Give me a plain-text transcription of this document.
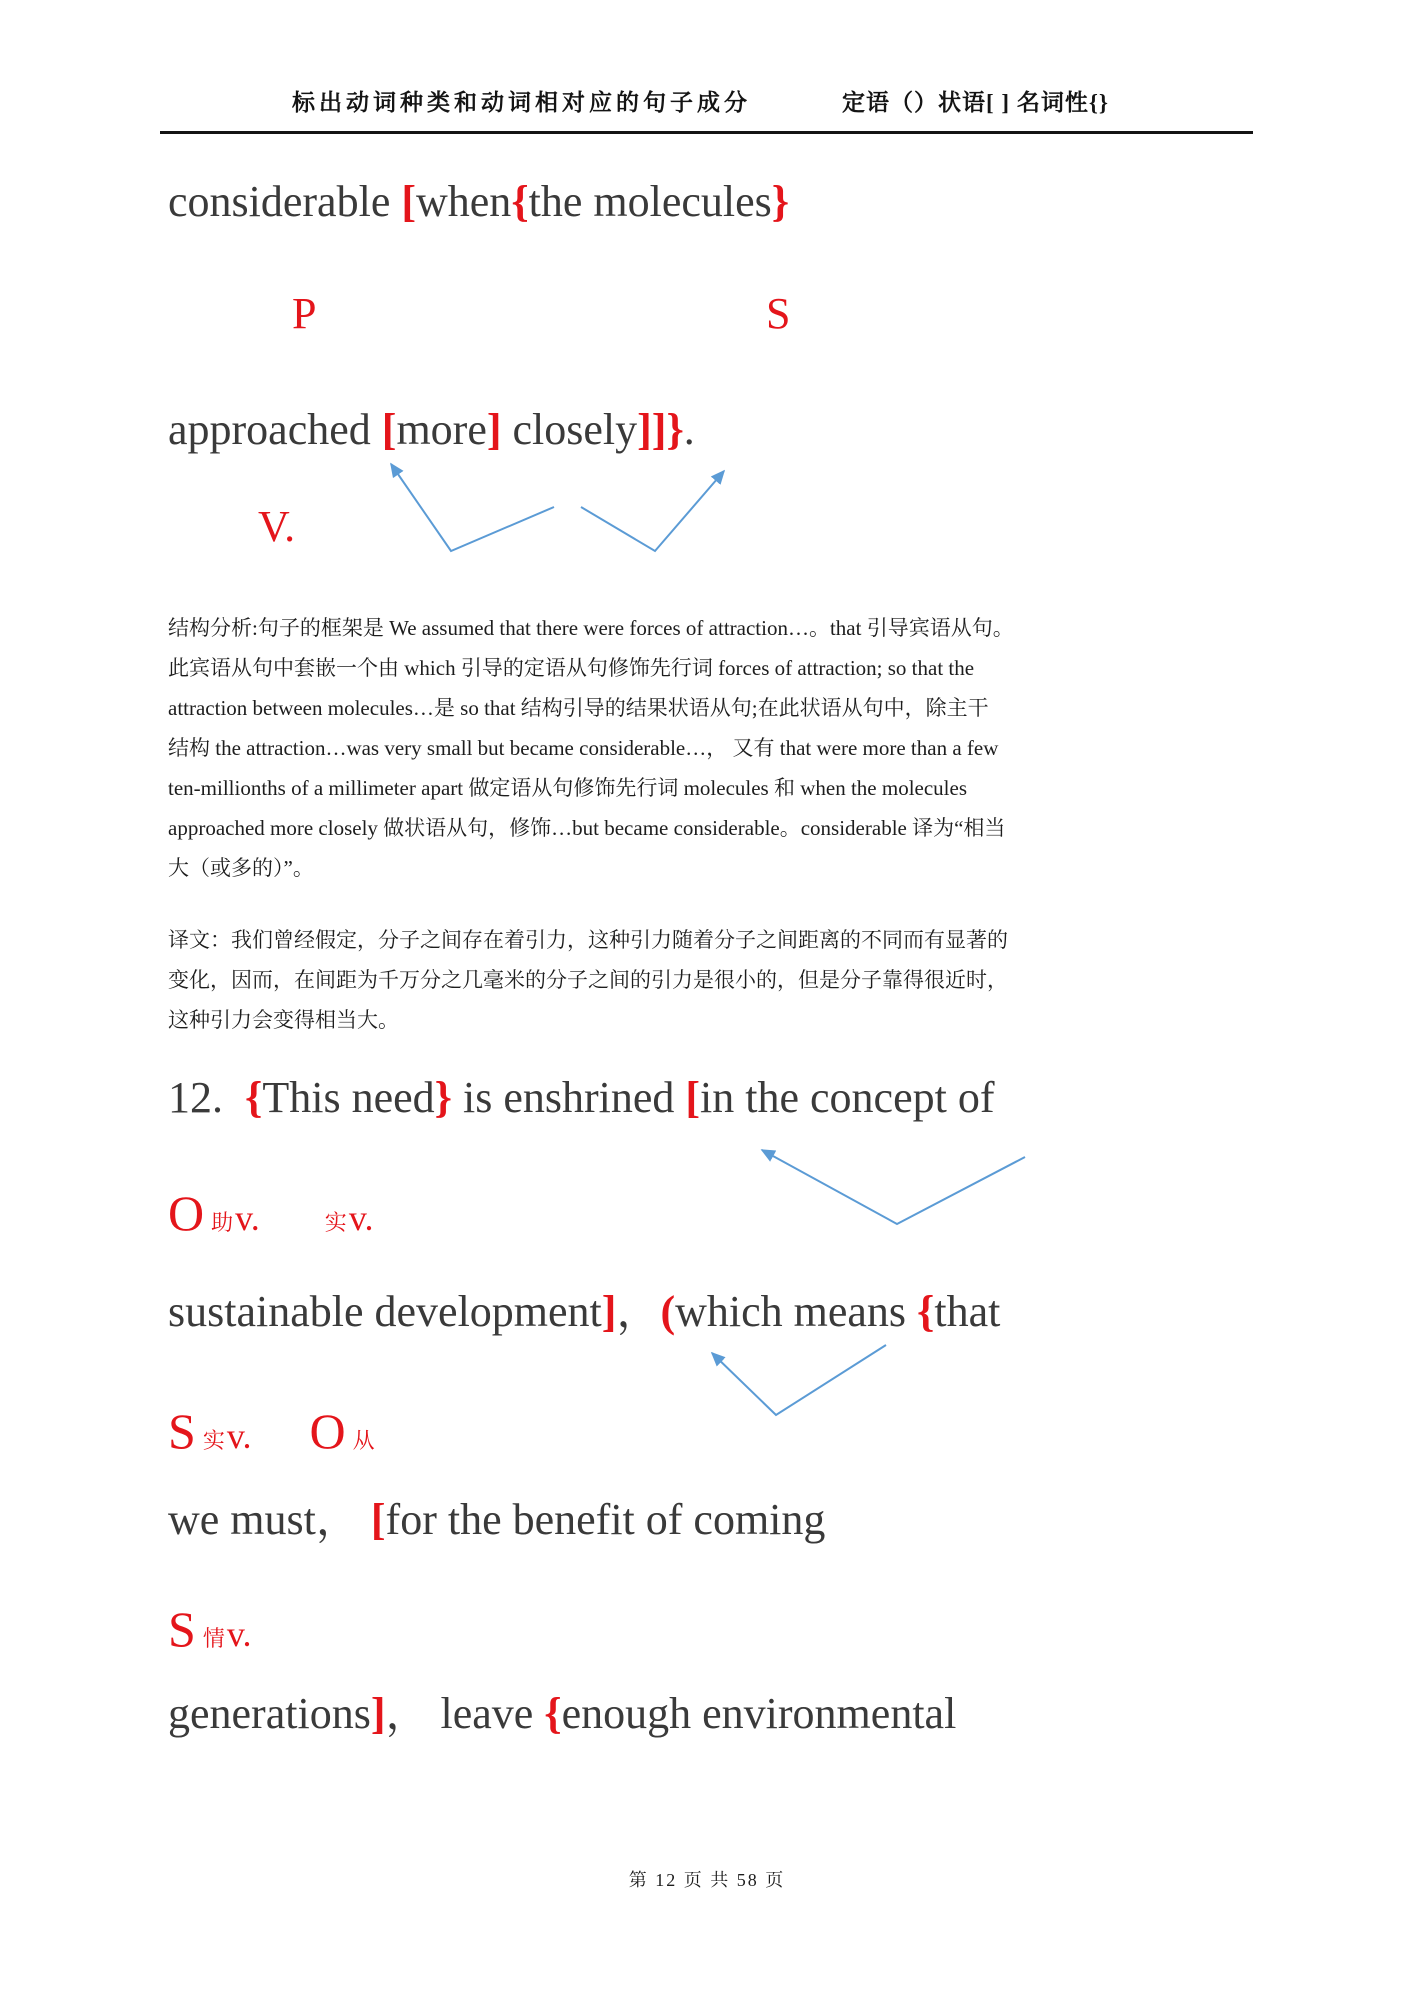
标出动词种类和动词相对应的句子成分	定语（）状语[ ] 名词性{}
considerable [when{the molecules}
P	S
approached [more] closely]]}.
V.
结构分析:句子的框架是 We assumed that there were forces of attraction…。that 引导宾语从句。
此宾语从句中套嵌一个由 which 引导的定语从句修饰先行词 forces of attraction; so that the
attraction between molecules…是 so that 结构引导的结果状语从句;在此状语从句中，除主干
结构 the attraction…was very small but became considerable…， 又有 that were more than a few
ten-millionths of a millimeter apart 做定语从句修饰先行词 molecules 和 when the molecules
approached more closely 做状语从句，修饰…but became considerable。considerable 译为“相当
大（或多的）”。
译文：我们曾经假定，分子之间存在着引力，这种引力随着分子之间距离的不同而有显著的
变化，因而，在间距为千万分之几毫米的分子之间的引力是很小的，但是分子靠得很近时，
这种引力会变得相当大。
12.  {This need} is enshrined [in the concept of
O助v.	实v.
sustainable development]，(which means {that
S实v. O 从
we must， [for the benefit of coming
S情v.
generations]， leave {enough environmental
第 12 页 共 58 页
